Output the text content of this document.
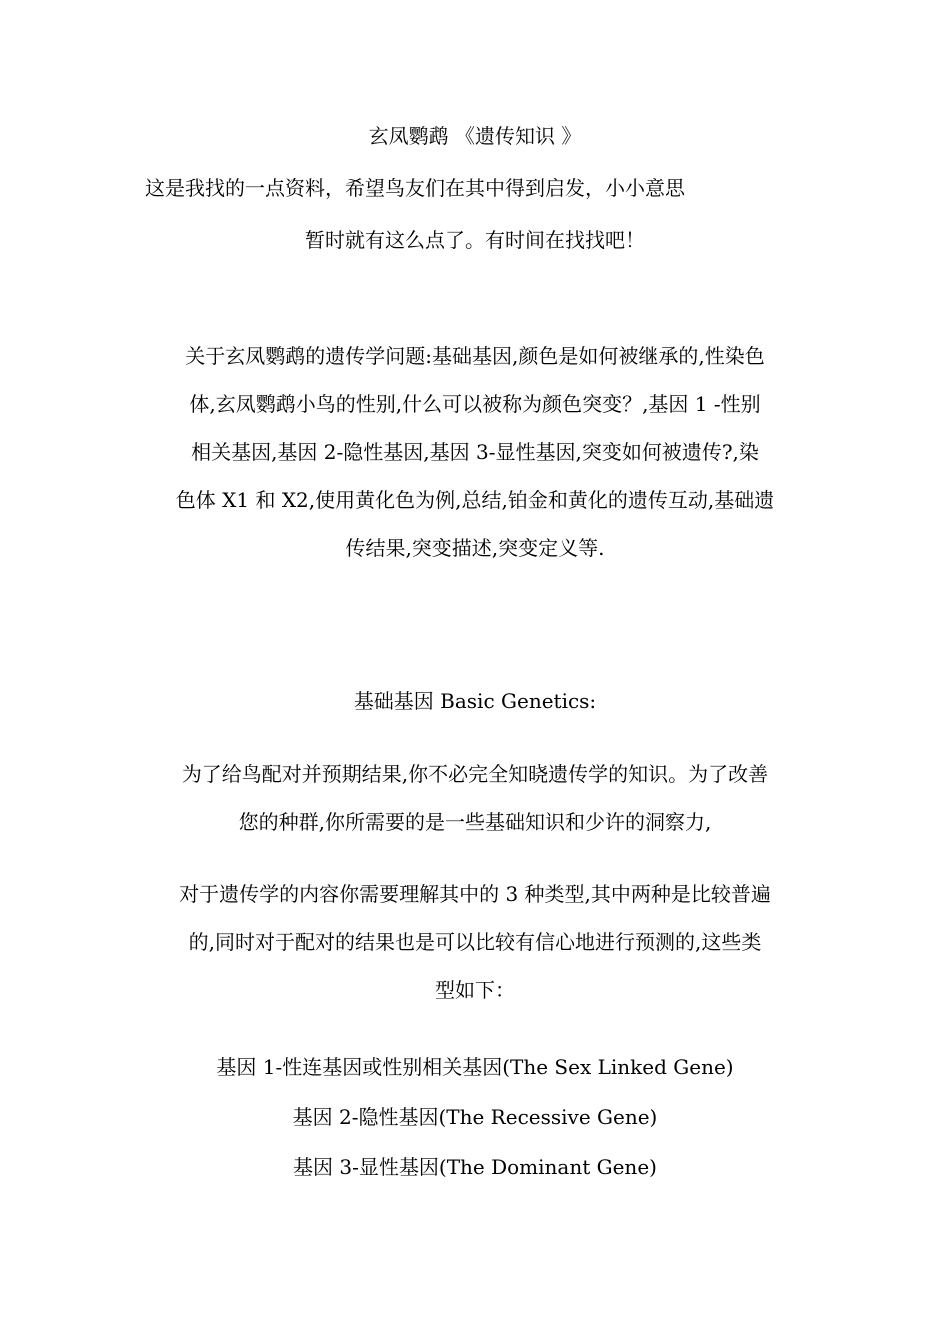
玄凤鹦鹉 《遗传知识 》
这是我找的一点资料，希望鸟友们在其中得到启发，小小意思
暂时就有这么点了。有时间在找找吧！
关于玄凤鹦鹉的遗传学问题:基础基因,颜色是如何被继承的,性染色
体,玄凤鹦鹉小鸟的性别,什么可以被称为颜色突变？,基因 1 -性别
相关基因,基因 2-隐性基因,基因 3-显性基因,突变如何被遗传?,染
色体 X1 和 X2,使用黄化色为例,总结,铂金和黄化的遗传互动,基础遗
传结果,突变描述,突变定义等.
基础基因 Basic Genetics:
为了给鸟配对并预期结果,你不必完全知晓遗传学的知识。为了改善
您的种群,你所需要的是一些基础知识和少许的洞察力,
对于遗传学的内容你需要理解其中的 3 种类型,其中两种是比较普遍
的,同时对于配对的结果也是可以比较有信心地进行预测的,这些类
型如下：
基因 1-性连基因或性别相关基因(The Sex Linked Gene)
基因 2-隐性基因(The Recessive Gene)
基因 3-显性基因(The Dominant Gene)
